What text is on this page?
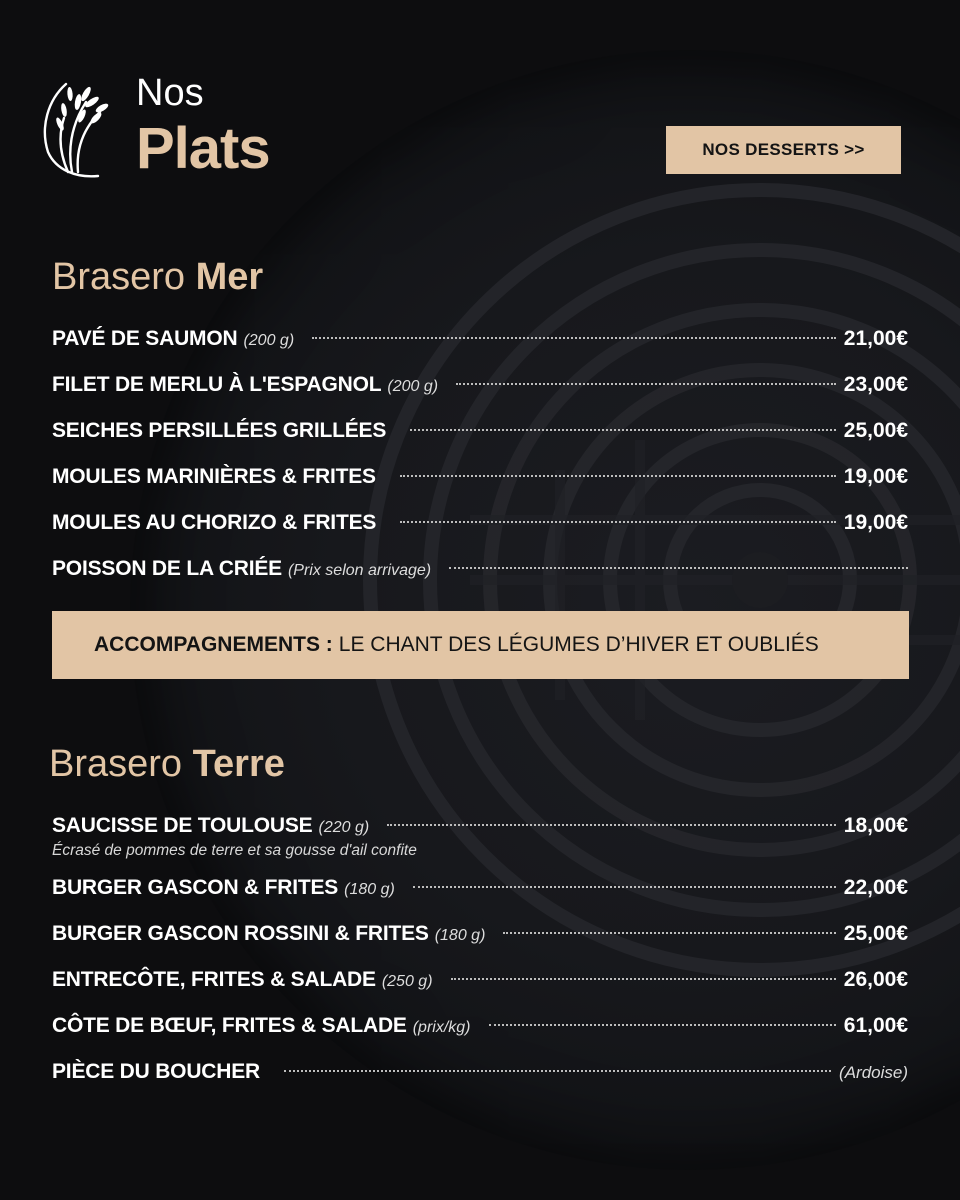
Nos
Plats	NOS DESSERTS >>
Brasero Mer
PAVÉ DE SAUMON (200 g)	21,00€
FILET DE MERLU À L'ESPAGNOL (200 g)	23,00€
SEICHES PERSILLÉES GRILLÉES	25,00€
MOULES MARINIÈRES & FRITES	19,00€
MOULES AU CHORIZO & FRITES	19,00€
POISSON DE LA CRIÉE (Prix selon arrivage)
ACCOMPAGNEMENTS : LE CHANT DES LÉGUMES D’HIVER ET OUBLIÉS
Brasero Terre
SAUCISSE DE TOULOUSE (220 g)	18,00€
Écrasé de pommes de terre et sa gousse d'ail confite
BURGER GASCON & FRITES (180 g)	22,00€
BURGER GASCON ROSSINI & FRITES (180 g)	25,00€
ENTRECÔTE, FRITES & SALADE (250 g)	26,00€
CÔTE DE BŒUF, FRITES & SALADE (prix/kg)	61,00€
PIÈCE DU BOUCHER	(Ardoise)
